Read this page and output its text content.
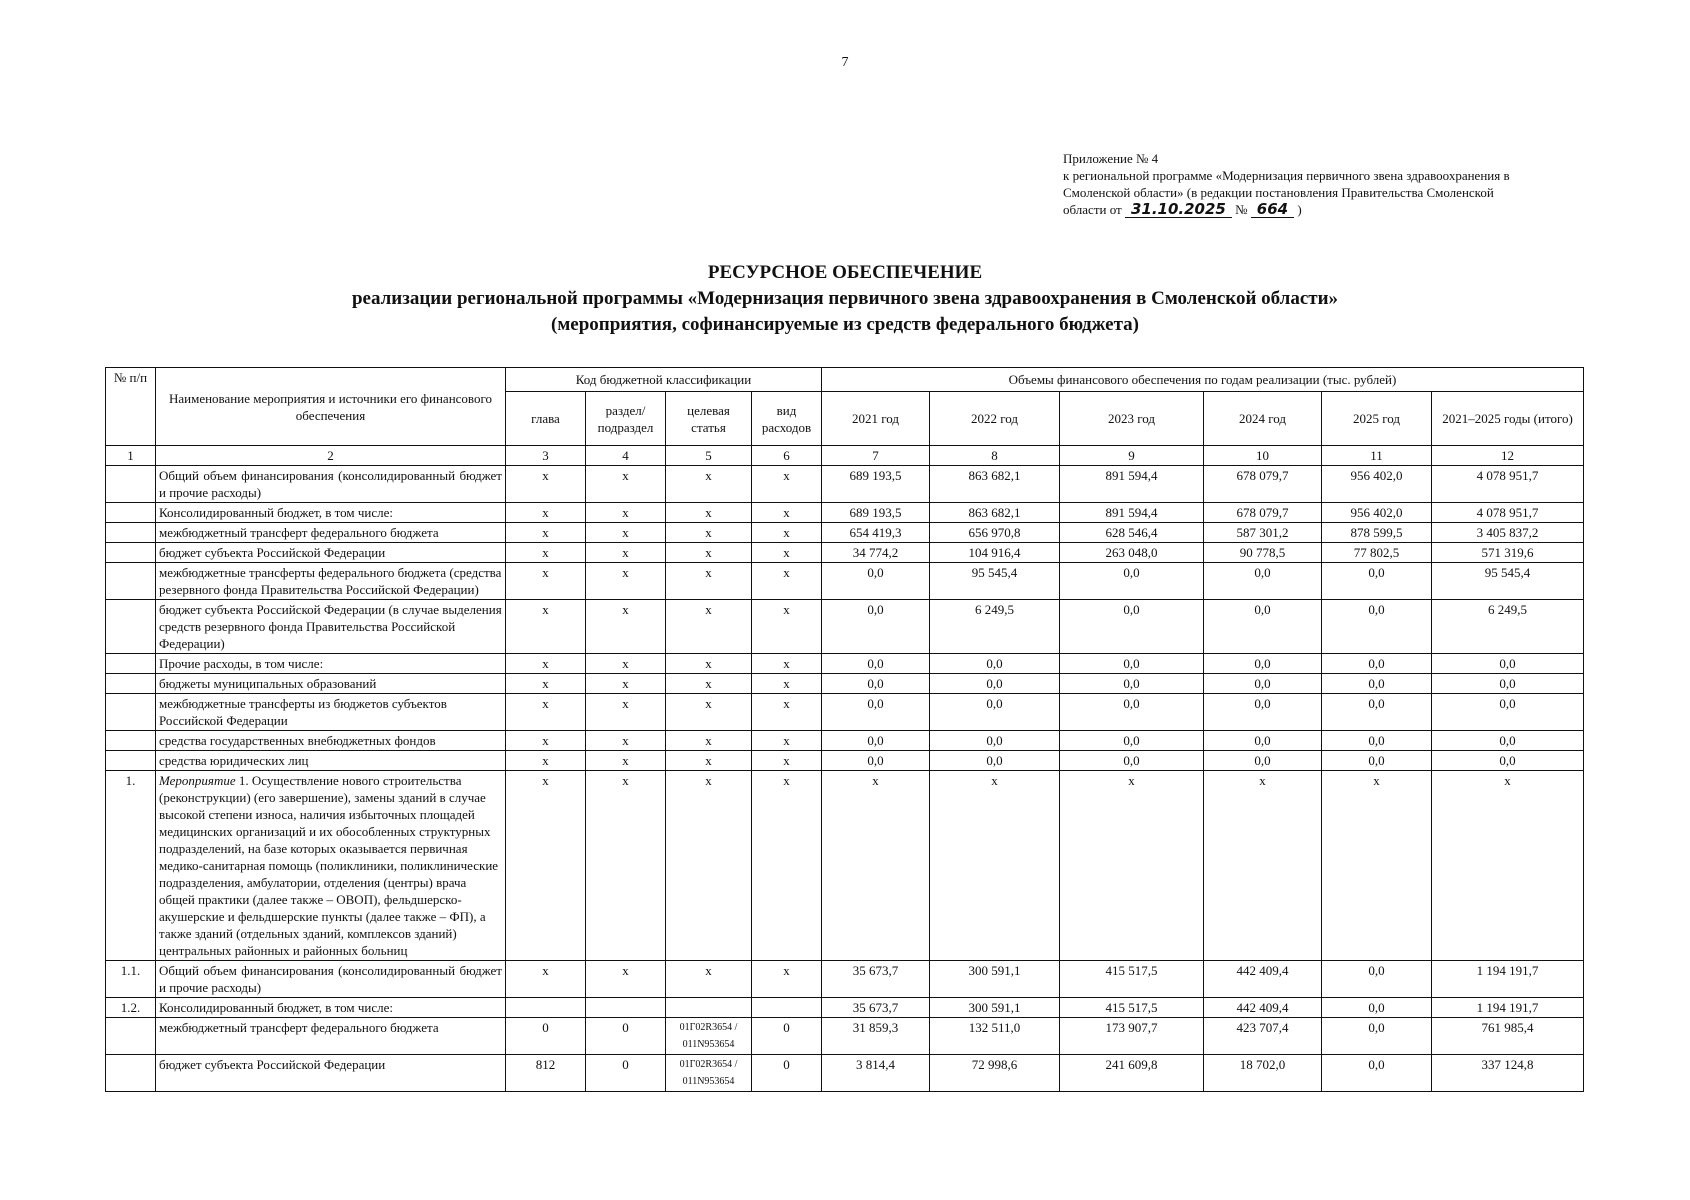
7
Приложение № 4
к региональной программе «Модернизация первичного звена здравоохранения в
Смоленской области» (в редакции постановления Правительства Смоленской
области от 31.10.2025 № 664 )
РЕСУРСНОЕ ОБЕСПЕЧЕНИЕ
реализации региональной программы «Модернизация первичного звена здравоохранения в Смоленской области»
(мероприятия, софинансируемые из средств федерального бюджета)
№ п/п	Наименование мероприятия и источники его финансового обеспечения	Код бюджетной классификации				Объемы финансового обеспечения по годам реализации (тыс. рублей)					
		глава	раздел/ подраздел	целевая статья	вид расходов	2021 год	2022 год	2023 год	2024 год	2025 год	2021–2025 годы (итого)
1	2	3	4	5	6	7	8	9	10	11	12
	Общий объем финансирования (консолидированный бюджет и прочие расходы)	x	x	x	x	689 193,5	863 682,1	891 594,4	678 079,7	956 402,0	4 078 951,7
	Консолидированный бюджет, в том числе:	x	x	x	x	689 193,5	863 682,1	891 594,4	678 079,7	956 402,0	4 078 951,7
	межбюджетный трансферт федерального бюджета	x	x	x	x	654 419,3	656 970,8	628 546,4	587 301,2	878 599,5	3 405 837,2
	бюджет субъекта Российской Федерации	x	x	x	x	34 774,2	104 916,4	263 048,0	90 778,5	77 802,5	571 319,6
	межбюджетные трансферты федерального бюджета (средства резервного фонда Правительства Российской Федерации)	x	x	x	x	0,0	95 545,4	0,0	0,0	0,0	95 545,4
	бюджет субъекта Российской Федерации (в случае выделения средств резервного фонда Правительства Российской Федерации)	x	x	x	x	0,0	6 249,5	0,0	0,0	0,0	6 249,5
	Прочие расходы, в том числе:	x	x	x	x	0,0	0,0	0,0	0,0	0,0	0,0
	бюджеты муниципальных образований	x	x	x	x	0,0	0,0	0,0	0,0	0,0	0,0
	межбюджетные трансферты из бюджетов субъектов Российской Федерации	x	x	x	x	0,0	0,0	0,0	0,0	0,0	0,0
	средства государственных внебюджетных фондов	x	x	x	x	0,0	0,0	0,0	0,0	0,0	0,0
	средства юридических лиц	x	x	x	x	0,0	0,0	0,0	0,0	0,0	0,0
1.	Мероприятие 1. Осуществление нового строительства (реконструкции) (его завершение), замены зданий в случае высокой степени износа, наличия избыточных площадей медицинских организаций и их обособленных структурных подразделений, на базе которых оказывается первичная медико-санитарная помощь (поликлиники, поликлинические подразделения, амбулатории, отделения (центры) врача общей практики (далее также – ОВОП), фельдшерско-акушерские и фельдшерские пункты (далее также – ФП), а также зданий (отдельных зданий, комплексов зданий) центральных районных и районных больниц	x	x	x	x	x	x	x	x	x	x
1.1.	Общий объем финансирования (консолидированный бюджет и прочие расходы)	x	x	x	x	35 673,7	300 591,1	415 517,5	442 409,4	0,0	1 194 191,7
1.2.	Консолидированный бюджет, в том числе:					35 673,7	300 591,1	415 517,5	442 409,4	0,0	1 194 191,7
	межбюджетный трансферт федерального бюджета	0	0	01Г02R3654 / 011N953654	0	31 859,3	132 511,0	173 907,7	423 707,4	0,0	761 985,4
	бюджет субъекта Российской Федерации	812	0	01Г02R3654 / 011N953654	0	3 814,4	72 998,6	241 609,8	18 702,0	0,0	337 124,8
